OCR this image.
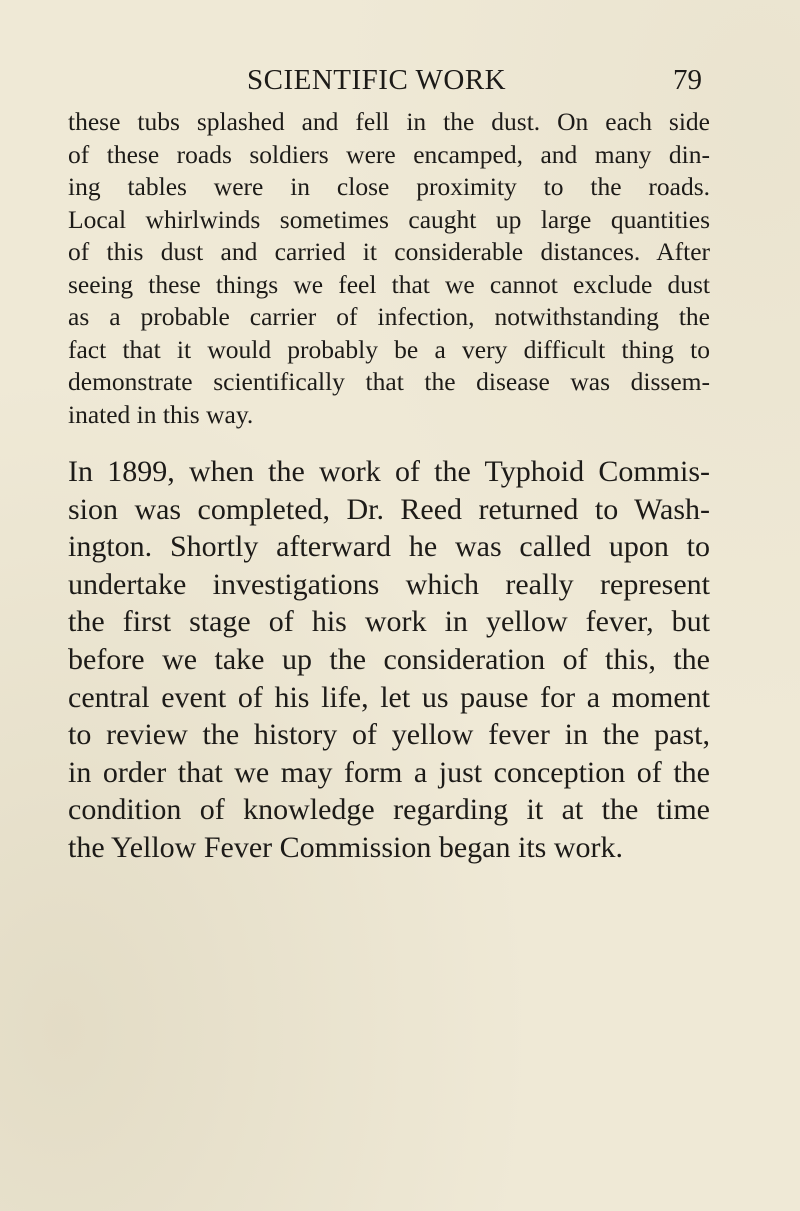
SCIENTIFIC WORK	79
these tubs splashed and fell in the dust. On each side
of these roads soldiers were encamped, and many din-
ing tables were in close proximity to the roads.
Local whirlwinds sometimes caught up large quantities
of this dust and carried it considerable distances. After
seeing these things we feel that we cannot exclude dust
as a probable carrier of infection, notwithstanding the
fact that it would probably be a very difficult thing to
demonstrate scientifically that the disease was dissem-
inated in this way.
In 1899, when the work of the Typhoid Commis-
sion was completed, Dr. Reed returned to Wash-
ington. Shortly afterward he was called upon to
undertake investigations which really represent
the first stage of his work in yellow fever, but
before we take up the consideration of this, the
central event of his life, let us pause for a moment
to review the history of yellow fever in the past,
in order that we may form a just conception of the
condition of knowledge regarding it at the time
the Yellow Fever Commission began its work.
